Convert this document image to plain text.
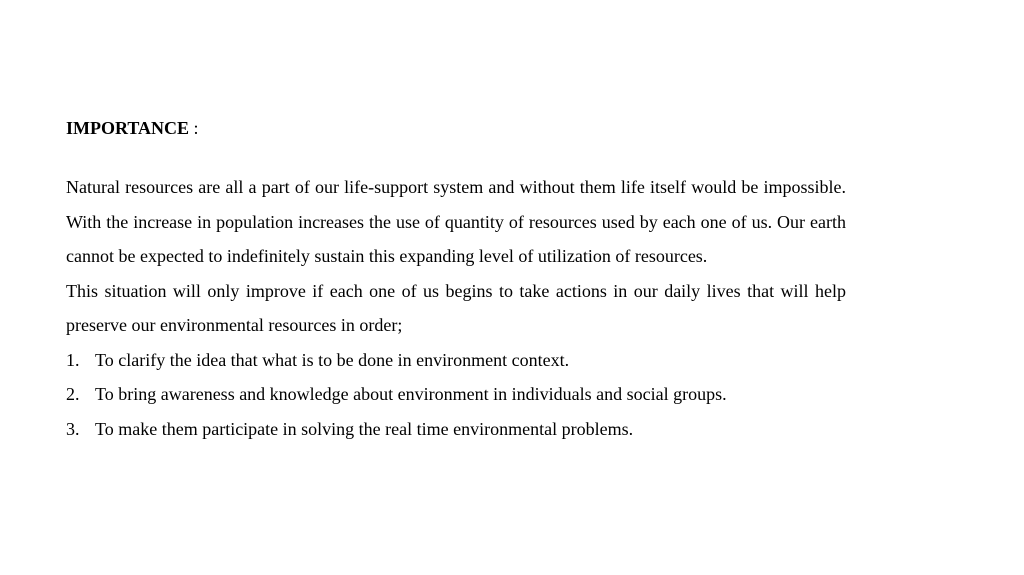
IMPORTANCE :

Natural resources are all a part of our life-support system and without them life itself would be impossible. With the increase in population increases the use of quantity of resources used by each one of us. Our earth cannot be expected to indefinitely sustain this expanding level of utilization of resources.

This situation will only improve if each one of us begins to take actions in our daily lives that will help preserve our environmental resources in order;

1. To clarify the idea that what is to be done in environment context.
2. To bring awareness and knowledge about environment in individuals and social groups.
3. To make them participate in solving the real time environmental problems.
